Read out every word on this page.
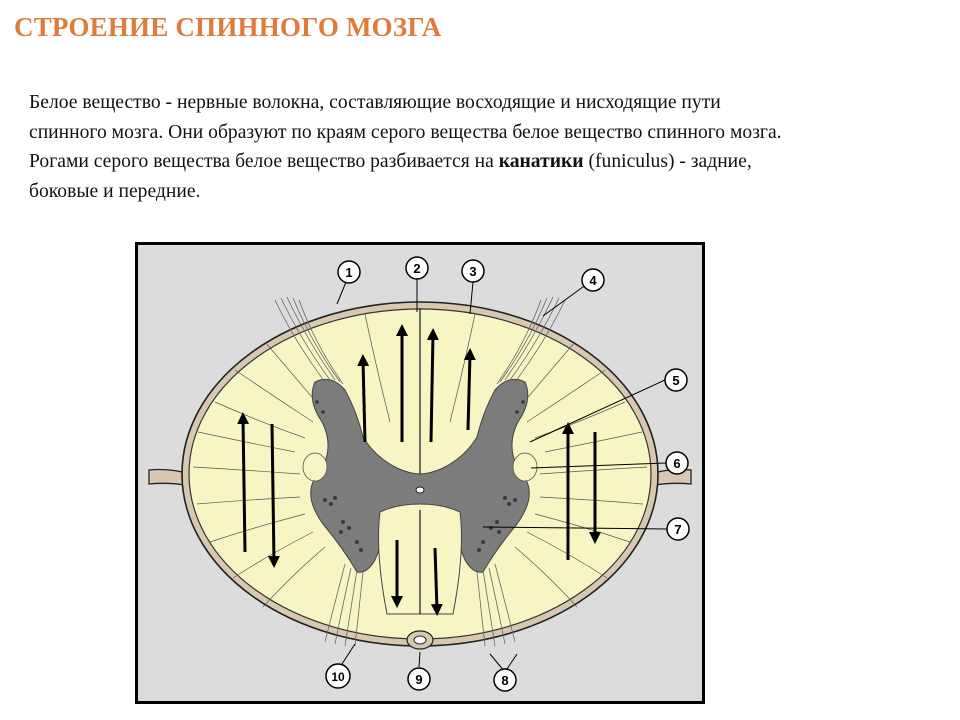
СТРОЕНИЕ СПИННОГО МОЗГА

Белое вещество - нервные волокна, составляющие восходящие и нисходящие пути спинного мозга. Они образуют по краям серого вещества белое вещество спинного мозга. Рогами серого вещества белое вещество разбивается на канатики (funiculus) - задние, боковые и передние.

1	2	3
4
5
6
7
8
9
10
